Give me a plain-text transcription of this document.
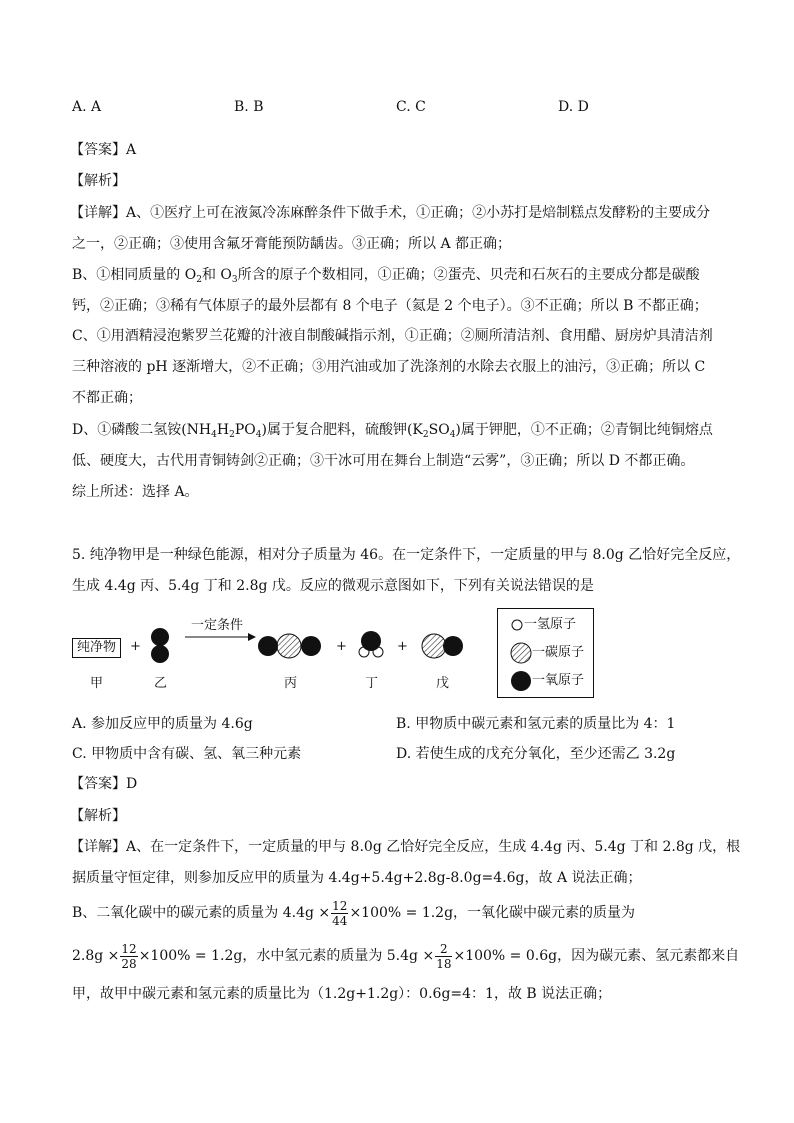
A. A	B. B	C. C	D. D
【答案】A
【解析】
【详解】A、①医疗上可在液氮冷冻麻醉条件下做手术，①正确；②小苏打是焙制糕点发酵粉的主要成分
之一，②正确；③使用含氟牙膏能预防龋齿。③正确；所以 A 都正确；
B、①相同质量的 $O_2$和 $O_3$所含的原子个数相同，①正确；②蛋壳、贝壳和石灰石的主要成分都是碳酸
钙，②正确；③稀有气体原子的最外层都有 8 个电子（氦是 2 个电子）。③不正确；所以 B 不都正确；
C、①用酒精浸泡紫罗兰花瓣的汁液自制酸碱指示剂，①正确；②厕所清洁剂、食用醋、厨房炉具清洁剂
三种溶液的 pH 逐渐增大，②不正确；③用汽油或加了洗涤剂的水除去衣服上的油污，③正确；所以 C
不都正确；
D、①磷酸二氢铵$(NH_4H_2PO_4)$属于复合肥料，硫酸钾$(K_2SO_4)$属于钾肥，①不正确；②青铜比纯铜熔点
低、硬度大，古代用青铜铸剑②正确；③干冰可用在舞台上制造“云雾”，③正确；所以 D 不都正确。
综上所述：选择 A。
5. 纯净物甲是一种绿色能源，相对分子质量为 46。在一定条件下，一定质量的甲与 8.0g 乙恰好完全反应，
生成 4.4g 丙、5.4g 丁和 2.8g 戊。反应的微观示意图如下，下列有关说法错误的是
纯净物	+
一定条件
+	+
甲	乙	丙	丁	戊
一氢原子
一碳原子
一氧原子
A. 参加反应甲的质量为 4.6g	B. 甲物质中碳元素和氢元素的质量比为 4：1
C. 甲物质中含有碳、氢、氧三种元素	D. 若使生成的戊充分氧化，至少还需乙 3.2g
【答案】D
【解析】
【详解】A、在一定条件下，一定质量的甲与 8.0g 乙恰好完全反应，生成 4.4g 丙、5.4g 丁和 2.8g 戊，根
据质量守恒定律，则参加反应甲的质量为 4.4g+5.4g+2.8g-8.0g=4.6g，故 A 说法正确；
B、二氧化碳中的碳元素的质量为 $4.4g \times \frac{12}{44} \times 100\% = 1.2g$，一氧化碳中碳元素的质量为
$2.8g \times \frac{12}{28} \times 100\% = 1.2g$，水中氢元素的质量为 $5.4g \times \frac{2}{18} \times 100\% = 0.6g$，因为碳元素、氢元素都来自
甲，故甲中碳元素和氢元素的质量比为（1.2g+1.2g）：0.6g=4：1，故 B 说法正确；
